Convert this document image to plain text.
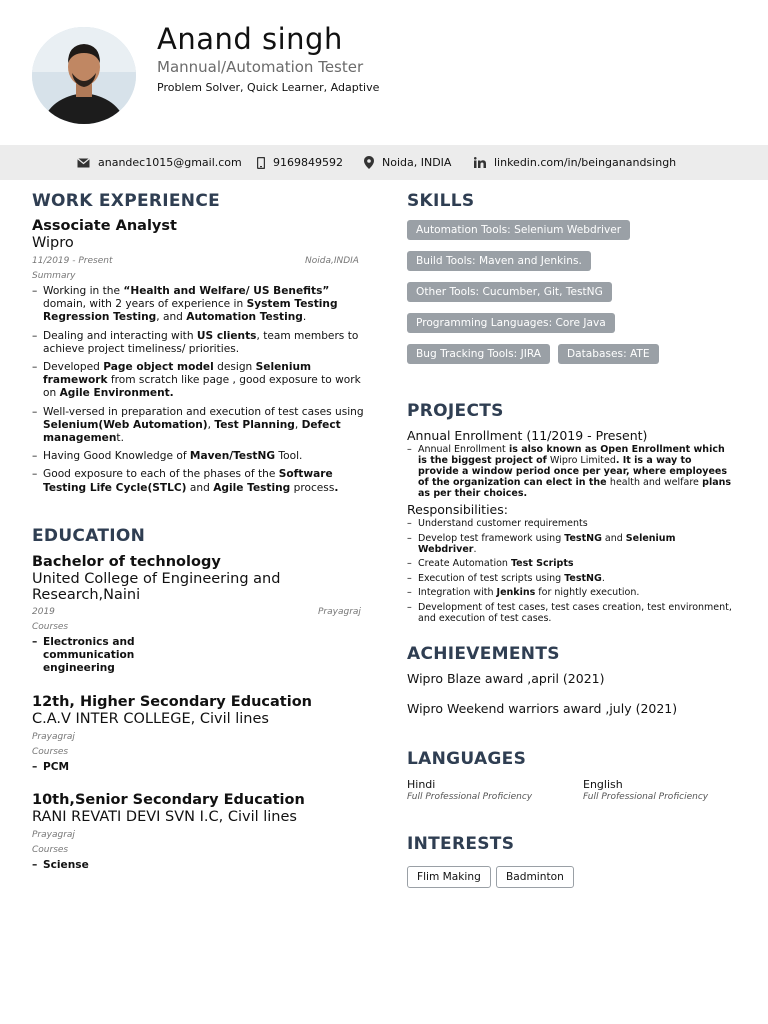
Anand singh
Mannual/Automation Tester
Problem Solver, Quick Learner, Adaptive
anandec1015@gmail.com	9169849592	Noida, INDIA	linkedin.com/in/beinganandsingh
WORK EXPERIENCE
Associate Analyst
Wipro
11/2019 - Present	Noida,INDIA
Summary
– Working in the “Health and Welfare/ US Benefits” domain, with 2 years of experience in System Testing Regression Testing, and Automation Testing.
– Dealing and interacting with US clients, team members to achieve project timeliness/ priorities.
– Developed Page object model design Selenium framework from scratch like page , good exposure to work on Agile Environment.
– Well-versed in preparation and execution of test cases using Selenium(Web Automation), Test Planning, Defect management.
– Having Good Knowledge of Maven/TestNG Tool.
– Good exposure to each of the phases of the Software Testing Life Cycle(STLC) and Agile Testing process.
EDUCATION
Bachelor of technology
United College of Engineering and Research,Naini
2019	Prayagraj
Courses
– Electronics and communication engineering
12th, Higher Secondary Education
C.A.V INTER COLLEGE, Civil lines
Prayagraj
Courses
– PCM
10th,Senior Secondary Education
RANI REVATI DEVI SVN I.C, Civil lines
Prayagraj
Courses
– Sciense
SKILLS
Automation Tools: Selenium Webdriver
Build Tools: Maven and Jenkins.
Other Tools: Cucumber, Git, TestNG
Programming Languages: Core Java
Bug Tracking Tools: JIRA	Databases: ATE
PROJECTS
Annual Enrollment (11/2019 - Present)
– Annual Enrollment is also known as Open Enrollment which is the biggest project of Wipro Limited. It is a way to provide a window period once per year, where employees of the organization can elect in the health and welfare plans as per their choices.
Responsibilities:
– Understand customer requirements
– Develop test framework using TestNG and Selenium Webdriver.
– Create Automation Test Scripts
– Execution of test scripts using TestNG.
– Integration with Jenkins for nightly execution.
– Development of test cases, test cases creation, test environment, and execution of test cases.
ACHIEVEMENTS
Wipro Blaze award ,april (2021)
Wipro Weekend warriors award ,july (2021)
LANGUAGES
Hindi
Full Professional Proficiency
English
Full Professional Proficiency
INTERESTS
Flim Making	Badminton
